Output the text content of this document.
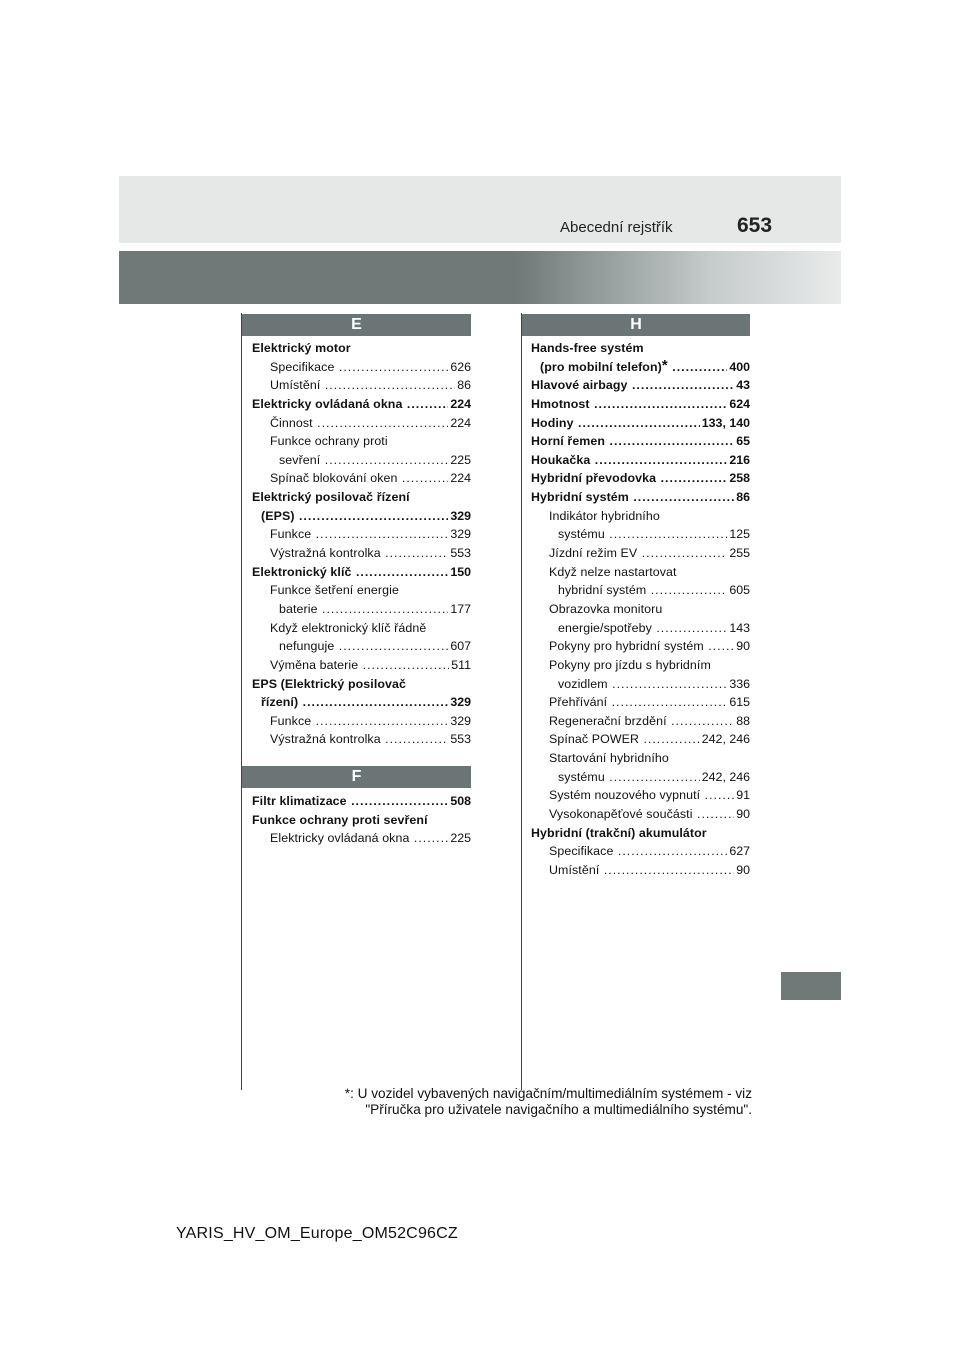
Abecední rejstřík	653
E
Elektrický motor
Specifikace .....	626
Umístění .....	86
Elektricky ovládaná okna .....	224
Činnost .....	224
Funkce ochrany proti
sevření .....	225
Spínač blokování oken .....	224
Elektrický posilovač řízení
(EPS) .....	329
Funkce .....	329
Výstražná kontrolka .....	553
Elektronický klíč .....	150
Funkce šetření energie
baterie .....	177
Když elektronický klíč řádně
nefunguje .....	607
Výměna baterie .....	511
EPS (Elektrický posilovač
řízení) .....	329
Funkce .....	329
Výstražná kontrolka .....	553
F
Filtr klimatizace .....	508
Funkce ochrany proti sevření
Elektricky ovládaná okna .....	225
H
Hands-free systém
(pro mobilní telefon)* .....	400
Hlavové airbagy .....	43
Hmotnost .....	624
Hodiny .....	133, 140
Horní řemen .....	65
Houkačka .....	216
Hybridní převodovka .....	258
Hybridní systém .....	86
Indikátor hybridního
systému .....	125
Jízdní režim EV .....	255
Když nelze nastartovat
hybridní systém .....	605
Obrazovka monitoru
energie/spotřeby .....	143
Pokyny pro hybridní systém .....	90
Pokyny pro jízdu s hybridním
vozidlem .....	336
Přehřívání .....	615
Regenerační brzdění .....	88
Spínač POWER .....	242, 246
Startování hybridního
systému .....	242, 246
Systém nouzového vypnutí .....	91
Vysokonapěťové součásti .....	90
Hybridní (trakční) akumulátor
Specifikace .....	627
Umístění .....	90
*: U vozidel vybavených navigačním/multimediálním systémem - viz
"Příručka pro uživatele navigačního a multimediálního systému".
YARIS_HV_OM_Europe_OM52C96CZ
